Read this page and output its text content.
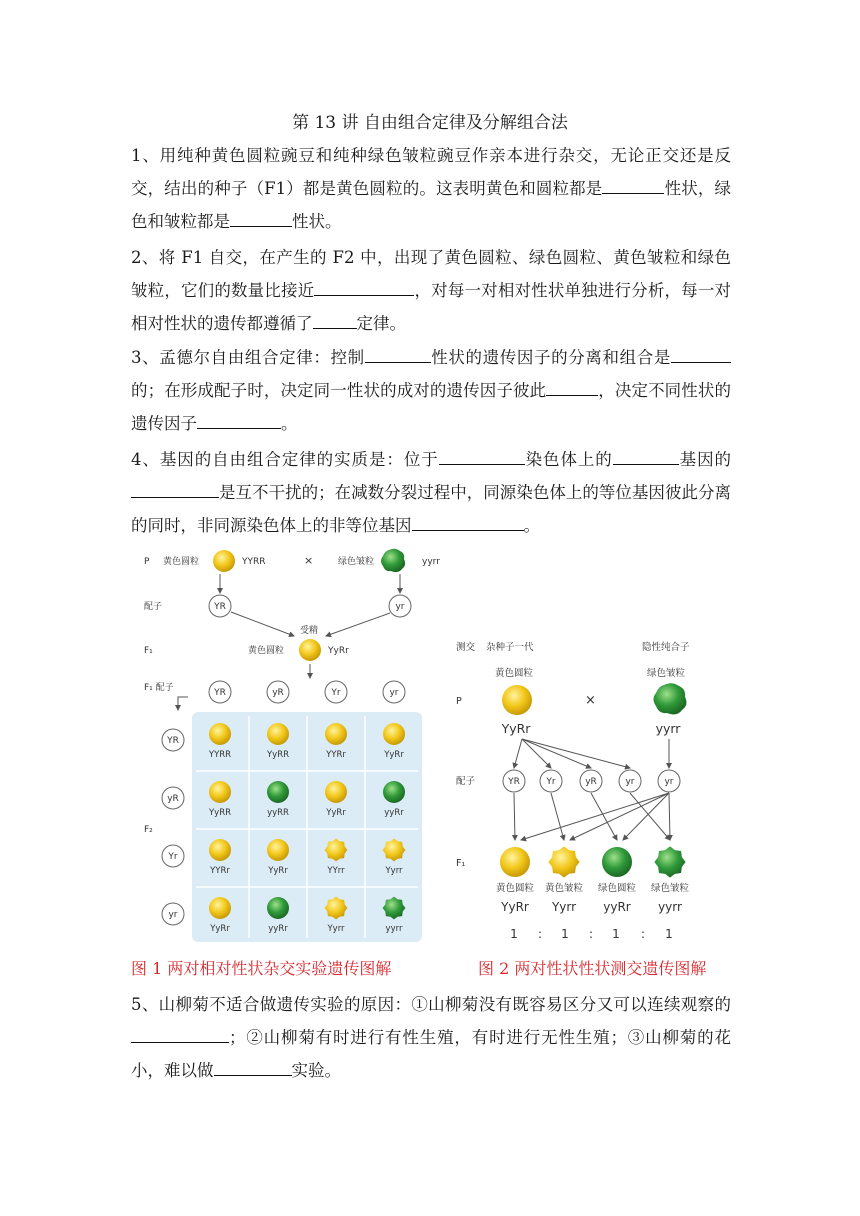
第 13 讲 自由组合定律及分解组合法
1、用纯种黄色圆粒豌豆和纯种绿色皱粒豌豆作亲本进行杂交，无论正交还是反交，结出的种子（F1）都是黄色圆粒的。这表明黄色和圆粒都是	性状，绿色和皱粒都是	性状。
2、将 F1 自交，在产生的 F2 中，出现了黄色圆粒、绿色圆粒、黄色皱粒和绿色皱粒，它们的数量比接近	，对每一对相对性状单独进行分析，每一对相对性状的遗传都遵循了	定律。
3、孟德尔自由组合定律：控制	性状的遗传因子的分离和组合是的；在形成配子时，决定同一性状的成对的遗传因子彼此	，决定不同性状的遗传因子	。
4、基因的自由组合定律的实质是：位于	染色体上的	基因的是互不干扰的；在减数分裂过程中，同源染色体上的等位基因彼此分离的同时，非同源染色体上的非等位基因	。
P 黄色圆粒	YYRR	×	绿色皱粒	yyrr
配子	YR	yr
受精
F₁	黄色圆粒	YyRr
F₁ 配子
F₂
YR	yR	Yr	yr
YR
yR
Yr
yr
YYRR	YyRR	YYRr	YyRr
YyRR	yyRR	YyRr	yyRr
YYRr	YyRr	YYrr	Yyrr
YyRr	yyRr	Yyrr	yyrr
测交 杂种子一代	隐性纯合子
黄色圆粒	绿色皱粒
P	×
YyRr	yyrr
配子	YR	Yr	yR	yr	yr
F₁
黄色圆粒
YyRr
黄色皱粒
Yyrr
绿色圆粒
yyRr
绿色皱粒
yyrr
1 : 1 : 1 : 1
图 1 两对相对性状杂交实验遗传图解	图 2 两对性状性状测交遗传图解
5、山柳菊不适合做遗传实验的原因：①山柳菊没有既容易区分又可以连续观察的；②山柳菊有时进行有性生殖，有时进行无性生殖；③山柳菊的花小，难以做	实验。
